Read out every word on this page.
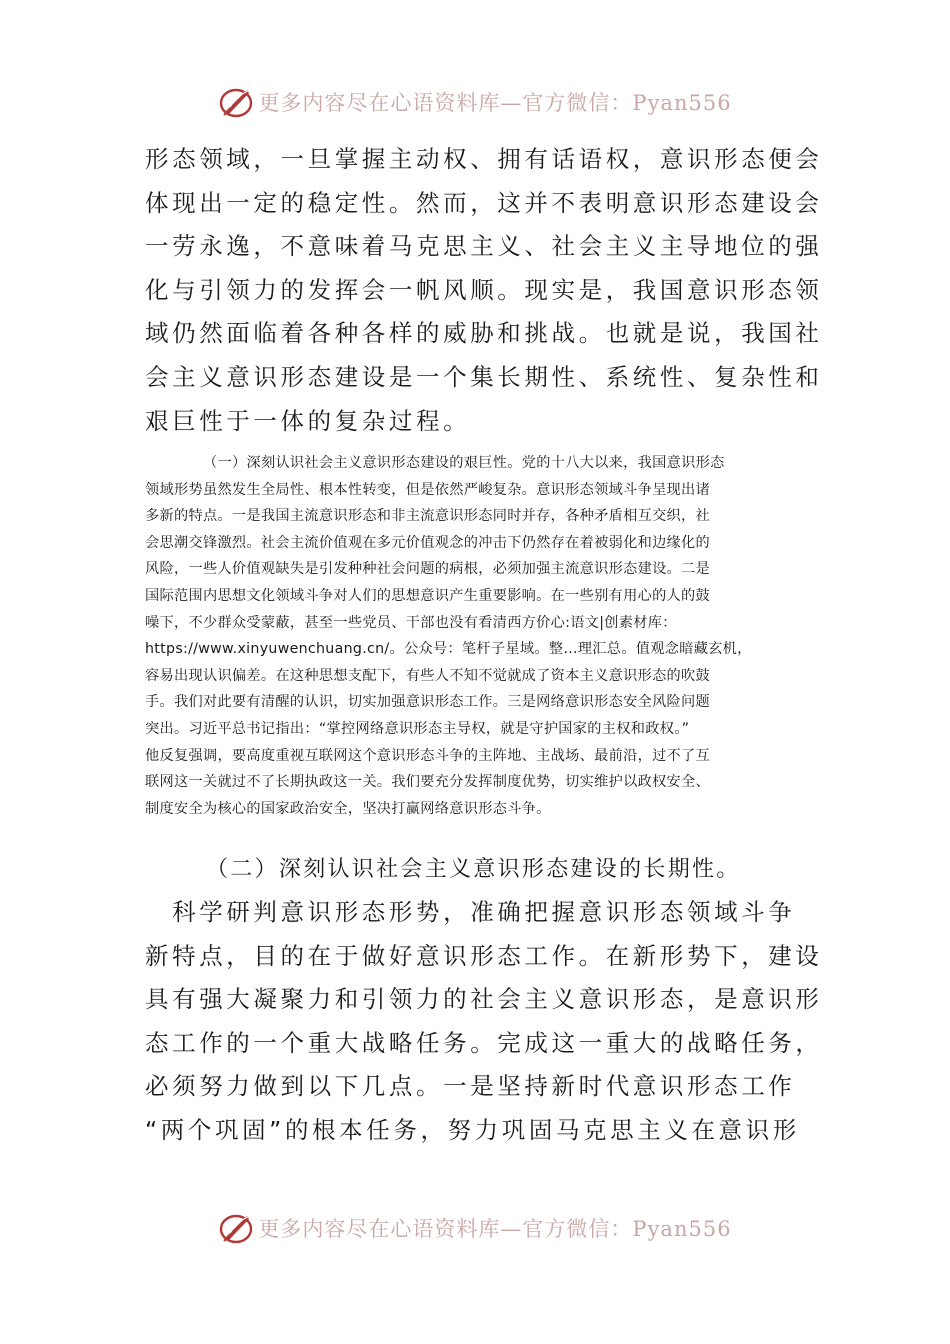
更多内容尽在心语资料库—官方微信：Pyan556
形态领域，一旦掌握主动权、拥有话语权，意识形态便会
体现出一定的稳定性。然而，这并不表明意识形态建设会
一劳永逸，不意味着马克思主义、社会主义主导地位的强
化与引领力的发挥会一帆风顺。现实是，我国意识形态领
域仍然面临着各种各样的威胁和挑战。也就是说，我国社
会主义意识形态建设是一个集长期性、系统性、复杂性和
艰巨性于一体的复杂过程。
（一）深刻认识社会主义意识形态建设的艰巨性。党的十八大以来，我国意识形态
领域形势虽然发生全局性、根本性转变，但是依然严峻复杂。意识形态领域斗争呈现出诸
多新的特点。一是我国主流意识形态和非主流意识形态同时并存，各种矛盾相互交织，社
会思潮交锋激烈。社会主流价值观在多元价值观念的冲击下仍然存在着被弱化和边缘化的
风险，一些人价值观缺失是引发种种社会问题的病根，必须加强主流意识形态建设。二是
国际范围内思想文化领域斗争对人们的思想意识产生重要影响。在一些别有用心的人的鼓
噪下，不少群众受蒙蔽，甚至一些党员、干部也没有看清西方价心:语文|创素材库：
https://www.xinyuwenchuang.cn/。公众号：笔杆子星域。整…理汇总。值观念暗藏玄机，
容易出现认识偏差。在这种思想支配下，有些人不知不觉就成了资本主义意识形态的吹鼓
手。我们对此要有清醒的认识，切实加强意识形态工作。三是网络意识形态安全风险问题
突出。习近平总书记指出：“掌控网络意识形态主导权，就是守护国家的主权和政权。”
他反复强调，要高度重视互联网这个意识形态斗争的主阵地、主战场、最前沿，过不了互
联网这一关就过不了长期执政这一关。我们要充分发挥制度优势，切实维护以政权安全、
制度安全为核心的国家政治安全，坚决打赢网络意识形态斗争。
（二）深刻认识社会主义意识形态建设的长期性。
　科学研判意识形态形势，准确把握意识形态领域斗争
新特点，目的在于做好意识形态工作。在新形势下，建设
具有强大凝聚力和引领力的社会主义意识形态，是意识形
态工作的一个重大战略任务。完成这一重大的战略任务，
必须努力做到以下几点。一是坚持新时代意识形态工作
“两个巩固”的根本任务，努力巩固马克思主义在意识形
更多内容尽在心语资料库—官方微信：Pyan556
